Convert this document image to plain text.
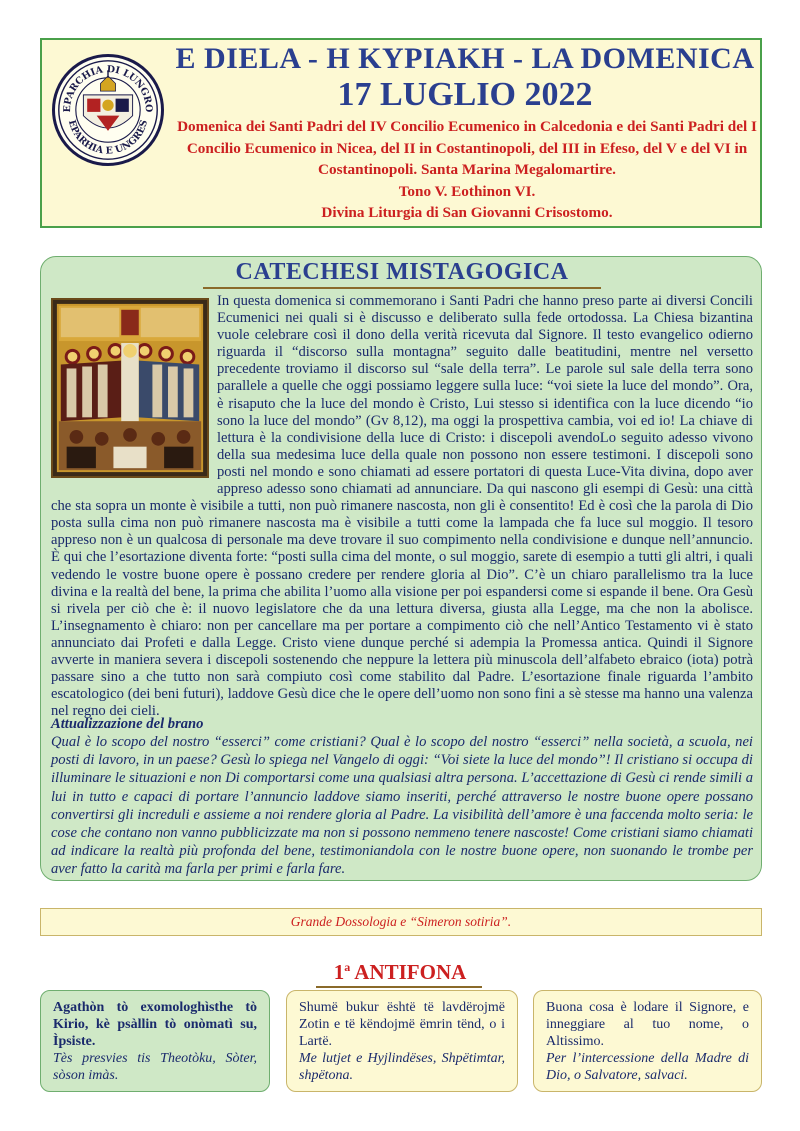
EPARCHIA DI LUNGRO
EPARHIA E UNGRES
E DIELA - Η ΚΥΡΙΑΚΗ - LA DOMENICA
17 LUGLIO 2022
Domenica dei Santi Padri del IV Concilio Ecumenico in Calcedonia e dei Santi Padri del I Concilio Ecumenico in Nicea, del II in Costantinopoli, del III in Efeso, del V e del VI in Costantinopoli. Santa Marina Megalomartire.
Tono V. Eothinon VI.
Divina Liturgia di San Giovanni Crisostomo.
CATECHESI MISTAGOGICA
In questa domenica si commemorano i Santi Padri che hanno preso parte ai diversi Concili Ecumenici nei quali si è discusso e deliberato sulla fede ortodossa. La Chiesa bizantina vuole celebrare così il dono della verità ricevuta dal Signore. Il testo evangelico odierno riguarda il “discorso sulla montagna” seguito dalle beatitudini, mentre nel versetto precedente troviamo il discorso sul “sale della terra”. Le parole sul sale della terra sono parallele a quelle che oggi possiamo leggere sulla luce: “voi siete la luce del mondo”. Ora, è risaputo che la luce del mondo è Cristo, Lui stesso si identifica con la luce dicendo “io sono la luce del mondo” (Gv 8,12), ma oggi la prospettiva cambia, voi ed io! La chiave di lettura è la condivisione della luce di Cristo: i discepoli avendoLo seguito adesso vivono della sua medesima luce della quale non possono non essere testimoni. I discepoli sono posti nel mondo e sono chiamati ad essere portatori di questa Luce-Vita divina, dopo aver appreso adesso sono chiamati ad annunciare. Da qui nascono gli esempi di Gesù: una città che sta sopra un monte è visibile a tutti, non può rimanere nascosta, non gli è consentito! Ed è così che la parola di Dio posta sulla cima non può rimanere nascosta ma è visibile a tutti come la lampada che fa luce sul moggio. Il tesoro appreso non è un qualcosa di personale ma deve trovare il suo compimento nella condivisione e dunque nell’annuncio. È qui che l’esortazione diventa forte: “posti sulla cima del monte, o sul moggio, sarete di esempio a tutti gli altri, i quali vedendo le vostre buone opere è possano credere per rendere gloria al Dio”. C’è un chiaro parallelismo tra la luce divina e la realtà del bene, la prima che abilita l’uomo alla visione per poi espandersi come si espande il bene. Ora Gesù si rivela per ciò che è: il nuovo legislatore che da una lettura diversa, giusta alla Legge, ma che non la abolisce. L’insegnamento è chiaro: non per cancellare ma per portare a compimento ciò che nell’Antico Testamento vi è stato annunciato dai Profeti e dalla Legge. Cristo viene dunque perché si adempia la Promessa antica. Quindi il Signore avverte in maniera severa i discepoli sostenendo che neppure la lettera più minuscola dell’alfabeto ebraico (iota) potrà passare sino a che tutto non sarà compiuto così come stabilito dal Padre. L’esortazione finale riguarda l’ambito escatologico (dei beni futuri), laddove Gesù dice che le opere dell’uomo non sono fini a sè stesse ma hanno una valenza nel regno dei cieli.
Attualizzazione del brano
Qual è lo scopo del nostro “esserci” come cristiani? Qual è lo scopo del nostro “esserci” nella società, a scuola, nei posti di lavoro, in un paese? Gesù lo spiega nel Vangelo di oggi: “Voi siete la luce del mondo”! Il cristiano si occupa di illuminare le situazioni e non Di comportarsi come una qualsiasi altra persona. L’accettazione di Gesù ci rende simili a lui in tutto e capaci di portare l’annuncio laddove siamo inseriti, perché attraverso le nostre buone opere possano convertirsi gli increduli e assieme a noi rendere gloria al Padre. La visibilità dell’amore è una faccenda molto seria: le cose che contano non vanno pubblicizzate ma non si possono nemmeno tenere nascoste! Come cristiani siamo chiamati ad indicare la realtà più profonda del bene, testimoniandola con le nostre buone opere, non suonando le trombe per aver fatto la carità ma farla per primi e farla fare.
Grande Dossologia e “Simeron sotiria”.
1$^a$ ANTIFONA
Agathòn tò exomologhìsthe tò Kirio, kè psàllin tò onòmatì su, Ìpsiste.
Tès presvies tis Theotòku, Sòter, sòson imàs.
Shumë bukur është të lavdërojmë Zotin e të këndojmë ëmrin tënd, o i Lartë.
Me lutjet e Hyjlindëses, Shpëtimtar, shpëtona.
Buona cosa è lodare il Signore, e inneggiare al tuo nome, o Altissimo.
Per l’intercessione della Madre di Dio, o Salvatore, salvaci.
